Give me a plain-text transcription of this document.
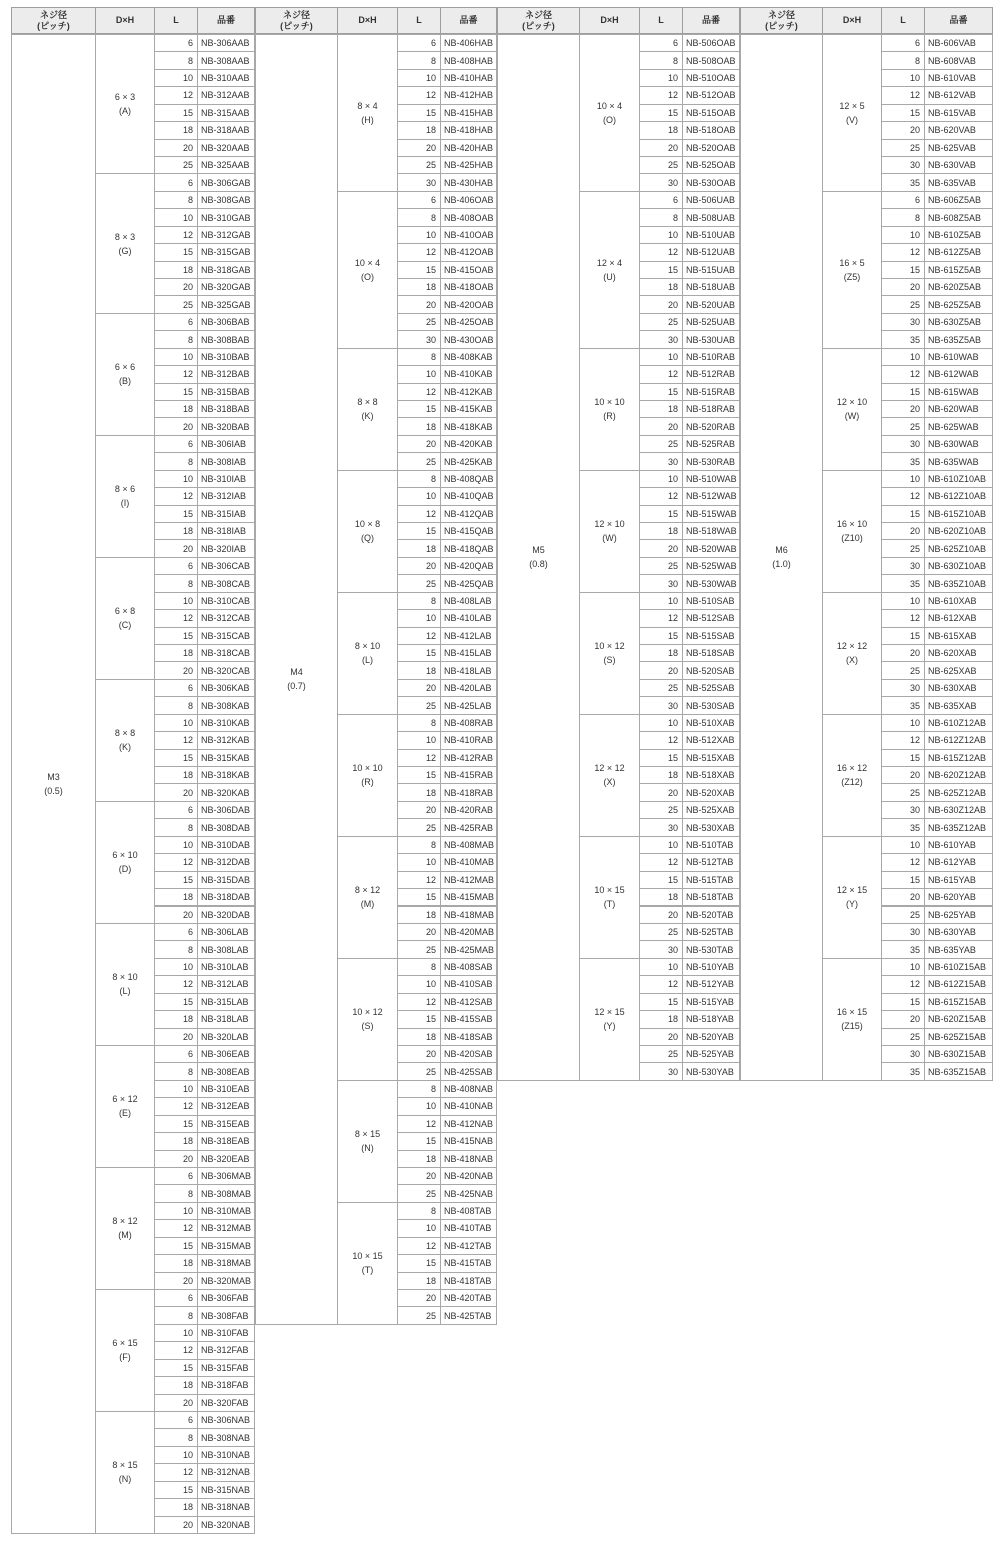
ネジ径
(ピッチ)
D×H	L	品番
M3
(0.5)
6 × 3
(A)
6 NB-306AAB
8 NB-308AAB
10 NB-310AAB
12 NB-312AAB
15 NB-315AAB
18 NB-318AAB
20 NB-320AAB
25 NB-325AAB
8 × 3
(G)
6 NB-306GAB
8 NB-308GAB
10 NB-310GAB
12 NB-312GAB
15 NB-315GAB
18 NB-318GAB
20 NB-320GAB
25 NB-325GAB
6 × 6
(B)
6 NB-306BAB
8 NB-308BAB
10 NB-310BAB
12 NB-312BAB
15 NB-315BAB
18 NB-318BAB
20 NB-320BAB
8 × 6
(I)
6 NB-306IAB
8 NB-308IAB
10 NB-310IAB
12 NB-312IAB
15 NB-315IAB
18 NB-318IAB
20 NB-320IAB
6 × 8
(C)
6 NB-306CAB
8 NB-308CAB
10 NB-310CAB
12 NB-312CAB
15 NB-315CAB
18 NB-318CAB
20 NB-320CAB
8 × 8
(K)
6 NB-306KAB
8 NB-308KAB
10 NB-310KAB
12 NB-312KAB
15 NB-315KAB
18 NB-318KAB
20 NB-320KAB
6 × 10
(D)
6 NB-306DAB
8 NB-308DAB
10 NB-310DAB
12 NB-312DAB
15 NB-315DAB
18 NB-318DAB
20 NB-320DAB
8 × 10
(L)
6 NB-306LAB
8 NB-308LAB
10 NB-310LAB
12 NB-312LAB
15 NB-315LAB
18 NB-318LAB
20 NB-320LAB
6 × 12
(E)
6 NB-306EAB
8 NB-308EAB
10 NB-310EAB
12 NB-312EAB
15 NB-315EAB
18 NB-318EAB
20 NB-320EAB
8 × 12
(M)
6 NB-306MAB
8 NB-308MAB
10 NB-310MAB
12 NB-312MAB
15 NB-315MAB
18 NB-318MAB
20 NB-320MAB
6 × 15
(F)
6 NB-306FAB
8 NB-308FAB
10 NB-310FAB
12 NB-312FAB
15 NB-315FAB
18 NB-318FAB
20 NB-320FAB
8 × 15
(N)
6 NB-306NAB
8 NB-308NAB
10 NB-310NAB
12 NB-312NAB
15 NB-315NAB
18 NB-318NAB
20 NB-320NAB
ネジ径
(ピッチ)
D×H	L	品番
M4
(0.7)
8 × 4
(H)
6 NB-406HAB
8 NB-408HAB
10 NB-410HAB
12 NB-412HAB
15 NB-415HAB
18 NB-418HAB
20 NB-420HAB
25 NB-425HAB
30 NB-430HAB
10 × 4
(O)
6 NB-406OAB
8 NB-408OAB
10 NB-410OAB
12 NB-412OAB
15 NB-415OAB
18 NB-418OAB
20 NB-420OAB
25 NB-425OAB
30 NB-430OAB
8 × 8
(K)
8 NB-408KAB
10 NB-410KAB
12 NB-412KAB
15 NB-415KAB
18 NB-418KAB
20 NB-420KAB
25 NB-425KAB
10 × 8
(Q)
8 NB-408QAB
10 NB-410QAB
12 NB-412QAB
15 NB-415QAB
18 NB-418QAB
20 NB-420QAB
25 NB-425QAB
8 × 10
(L)
8 NB-408LAB
10 NB-410LAB
12 NB-412LAB
15 NB-415LAB
18 NB-418LAB
20 NB-420LAB
25 NB-425LAB
10 × 10
(R)
8 NB-408RAB
10 NB-410RAB
12 NB-412RAB
15 NB-415RAB
18 NB-418RAB
20 NB-420RAB
25 NB-425RAB
8 × 12
(M)
8 NB-408MAB
10 NB-410MAB
12 NB-412MAB
15 NB-415MAB
18 NB-418MAB
20 NB-420MAB
25 NB-425MAB
10 × 12
(S)
8 NB-408SAB
10 NB-410SAB
12 NB-412SAB
15 NB-415SAB
18 NB-418SAB
20 NB-420SAB
25 NB-425SAB
8 × 15
(N)
8 NB-408NAB
10 NB-410NAB
12 NB-412NAB
15 NB-415NAB
18 NB-418NAB
20 NB-420NAB
25 NB-425NAB
10 × 15
(T)
8 NB-408TAB
10 NB-410TAB
12 NB-412TAB
15 NB-415TAB
18 NB-418TAB
20 NB-420TAB
25 NB-425TAB
ネジ径
(ピッチ)
D×H	L	品番
M5
(0.8)
10 × 4
(O)
6 NB-506OAB
8 NB-508OAB
10 NB-510OAB
12 NB-512OAB
15 NB-515OAB
18 NB-518OAB
20 NB-520OAB
25 NB-525OAB
30 NB-530OAB
12 × 4
(U)
6 NB-506UAB
8 NB-508UAB
10 NB-510UAB
12 NB-512UAB
15 NB-515UAB
18 NB-518UAB
20 NB-520UAB
25 NB-525UAB
30 NB-530UAB
10 × 10
(R)
10 NB-510RAB
12 NB-512RAB
15 NB-515RAB
18 NB-518RAB
20 NB-520RAB
25 NB-525RAB
30 NB-530RAB
12 × 10
(W)
10 NB-510WAB
12 NB-512WAB
15 NB-515WAB
18 NB-518WAB
20 NB-520WAB
25 NB-525WAB
30 NB-530WAB
10 × 12
(S)
10 NB-510SAB
12 NB-512SAB
15 NB-515SAB
18 NB-518SAB
20 NB-520SAB
25 NB-525SAB
30 NB-530SAB
12 × 12
(X)
10 NB-510XAB
12 NB-512XAB
15 NB-515XAB
18 NB-518XAB
20 NB-520XAB
25 NB-525XAB
30 NB-530XAB
10 × 15
(T)
10 NB-510TAB
12 NB-512TAB
15 NB-515TAB
18 NB-518TAB
20 NB-520TAB
25 NB-525TAB
30 NB-530TAB
12 × 15
(Y)
10 NB-510YAB
12 NB-512YAB
15 NB-515YAB
18 NB-518YAB
20 NB-520YAB
25 NB-525YAB
30 NB-530YAB
ネジ径
(ピッチ)
D×H	L	品番
M6
(1.0)
12 × 5
(V)
6 NB-606VAB
8 NB-608VAB
10 NB-610VAB
12 NB-612VAB
15 NB-615VAB
20 NB-620VAB
25 NB-625VAB
30 NB-630VAB
35 NB-635VAB
16 × 5
(Z5)
6 NB-606Z5AB
8 NB-608Z5AB
10 NB-610Z5AB
12 NB-612Z5AB
15 NB-615Z5AB
20 NB-620Z5AB
25 NB-625Z5AB
30 NB-630Z5AB
35 NB-635Z5AB
12 × 10
(W)
10 NB-610WAB
12 NB-612WAB
15 NB-615WAB
20 NB-620WAB
25 NB-625WAB
30 NB-630WAB
35 NB-635WAB
16 × 10
(Z10)
10 NB-610Z10AB
12 NB-612Z10AB
15 NB-615Z10AB
20 NB-620Z10AB
25 NB-625Z10AB
30 NB-630Z10AB
35 NB-635Z10AB
12 × 12
(X)
10 NB-610XAB
12 NB-612XAB
15 NB-615XAB
20 NB-620XAB
25 NB-625XAB
30 NB-630XAB
35 NB-635XAB
16 × 12
(Z12)
10 NB-610Z12AB
12 NB-612Z12AB
15 NB-615Z12AB
20 NB-620Z12AB
25 NB-625Z12AB
30 NB-630Z12AB
35 NB-635Z12AB
12 × 15
(Y)
10 NB-610YAB
12 NB-612YAB
15 NB-615YAB
20 NB-620YAB
25 NB-625YAB
30 NB-630YAB
35 NB-635YAB
16 × 15
(Z15)
10 NB-610Z15AB
12 NB-612Z15AB
15 NB-615Z15AB
20 NB-620Z15AB
25 NB-625Z15AB
30 NB-630Z15AB
35 NB-635Z15AB
